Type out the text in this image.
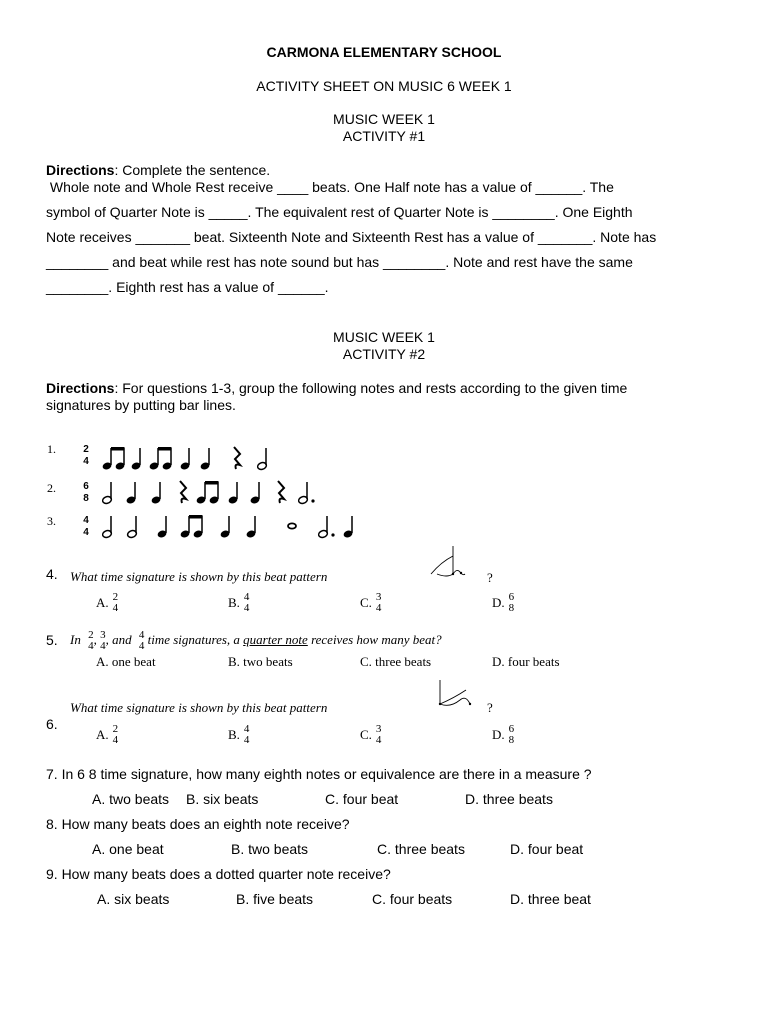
CARMONA ELEMENTARY SCHOOL
ACTIVITY SHEET ON MUSIC 6 WEEK 1
MUSIC WEEK 1
ACTIVITY #1
Directions: Complete the sentence.
Whole note and Whole Rest receive ____ beats. One Half note has a value of ______. The
symbol of Quarter Note is _____. The equivalent rest of Quarter Note is ________. One Eighth
Note receives _______ beat. Sixteenth Note and Sixteenth Rest has a value of _______. Note has
________ and beat while rest has note sound but has ________. Note and rest have the same
________. Eighth rest has a value of ______.
MUSIC WEEK 1
ACTIVITY #2
Directions: For questions 1-3, group the following notes and rests according to the given time
signatures by putting bar lines.
1.	2
4
2.	6
8
3.	4
4
4. What time signature is shown by this beat pattern	?
A. 2
4	B. 4
4	C. 3
4	D. 6
8
5. In 2
4 , 3
4 , and 4
4 time signatures, a quarter note receives how many beat?
A. one beat	B. two beats	C. three beats	D. four beats
What time signature is shown by this beat pattern	?
6.
A. 2
4	B. 4
4	C. 3
4	D. 6
8
7. In 6 8 time signature, how many eighth notes or equivalence are there in a measure ?
A. two beats B. six beats	C. four beat	D. three beats
8. How many beats does an eighth note receive?
A. one beat	B. two beats	C. three beats	D. four beat
9. How many beats does a dotted quarter note receive?
A. six beats	B. five beats	C. four beats	D. three beat
